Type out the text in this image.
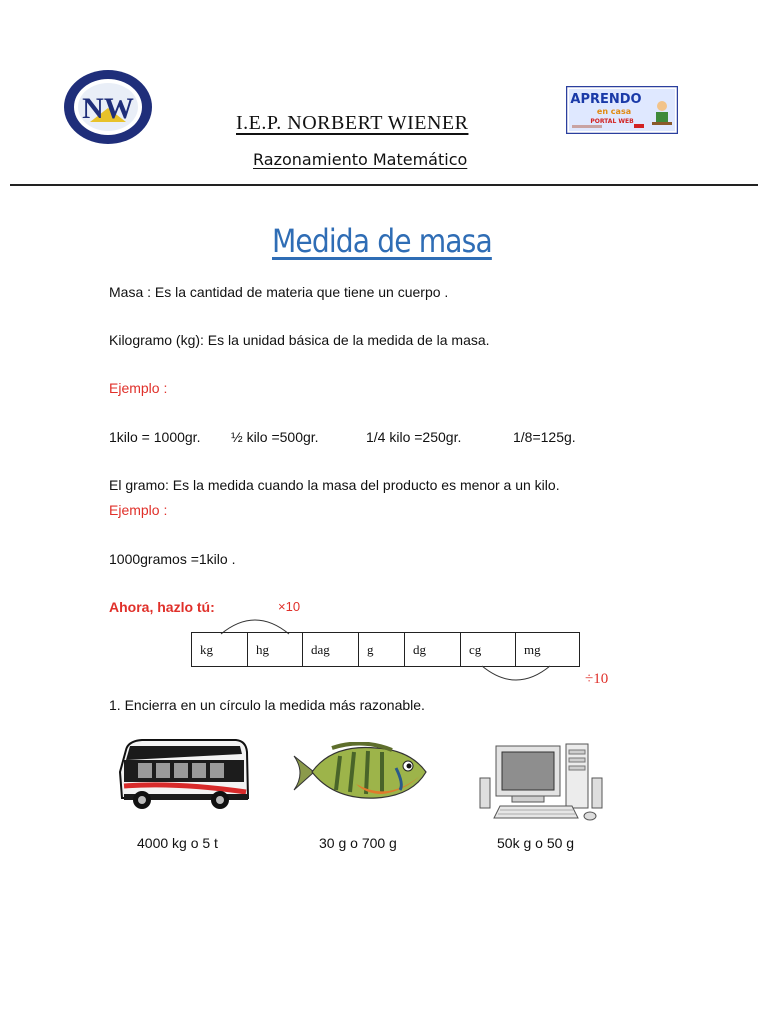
NW	APRENDO
en casa
PORTAL WEB
I.E.P. NORBERT WIENER
Razonamiento Matemático
Medida de masa
Masa : Es la cantidad de materia que tiene un cuerpo .
Kilogramo (kg): Es la unidad básica de la medida de la masa.
Ejemplo :
1kilo = 1000gr. ½ kilo =500gr.	1/4 kilo =250gr.	1/8=125g.
El gramo: Es la medida cuando la masa del producto es menor a un kilo.
Ejemplo :
1000gramos =1kilo .
Ahora, hazlo tú:	×10
kg	hg	dag	g	dg	cg	mg
÷10
1. Encierra en un círculo la medida más razonable.
4000 kg o 5 t	30 g o 700 g	50k g o 50 g
